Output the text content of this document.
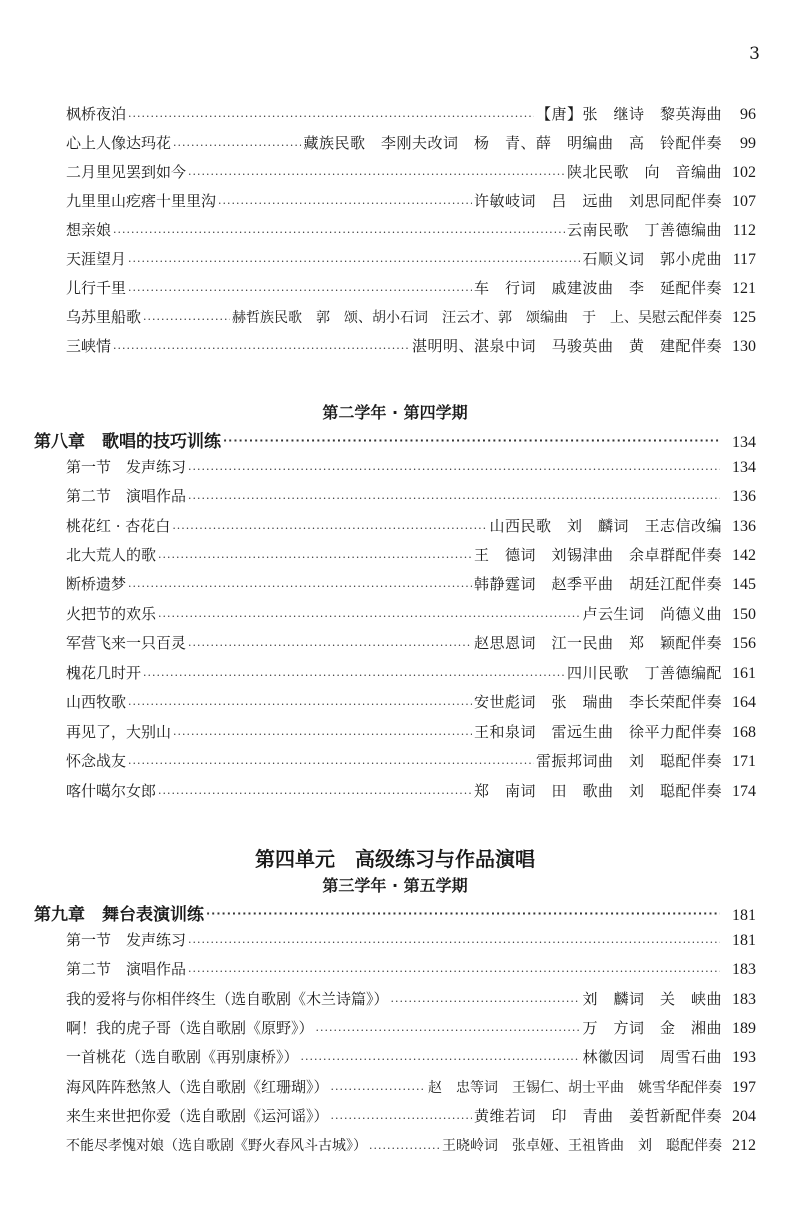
3
枫桥夜泊 ·····	【唐】张　继诗　黎英海曲	96
心上人像达玛花 ·····	藏族民歌　李刚夫改词　杨　青、薛　明编曲　高　铃配伴奏	99
二月里见罢到如今 ·····	陕北民歌　向　音编曲 102
九里里山疙瘩十里里沟 ·····	许敏岐词　吕　远曲　刘思同配伴奏 107
想亲娘 ·····	云南民歌　丁善德编曲 112
天涯望月 ·····	石顺义词　郭小虎曲 117
儿行千里 ·····	车　行词　戚建波曲　李　延配伴奏 121
乌苏里船歌 ·····	赫哲族民歌　郭　颂、胡小石词　汪云才、郭　颂编曲　于　上、吴慰云配伴奏 125
三峡情 ·····	湛明明、湛泉中词　马骏英曲　黄　建配伴奏 130
第二学年 · 第四学期
第八章　歌唱的技巧训练 ·····	134
第一节　发声练习 ·····	134
第二节　演唱作品 ·····	136
桃花红 · 杏花白 ·····	山西民歌　刘　麟词　王志信改编 136
北大荒人的歌 ·····	王　德词　刘锡津曲　余卓群配伴奏 142
断桥遗梦 ·····	韩静霆词　赵季平曲　胡廷江配伴奏 145
火把节的欢乐 ·····	卢云生词　尚德义曲 150
军营飞来一只百灵 ·····	赵思恩词　江一民曲　郑　颖配伴奏 156
槐花几时开 ·····	四川民歌　丁善德编配 161
山西牧歌 ·····	安世彪词　张　瑞曲　李长荣配伴奏 164
再见了，大别山 ·····	王和泉词　雷远生曲　徐平力配伴奏 168
怀念战友 ·····	雷振邦词曲　刘　聪配伴奏 171
喀什噶尔女郎 ·····	郑　南词　田　歌曲　刘　聪配伴奏 174
第四单元　高级练习与作品演唱
第三学年 · 第五学期
第九章　舞台表演训练 ·····	181
第一节　发声练习 ·····	181
第二节　演唱作品 ·····	183
我的爱将与你相伴终生（选自歌剧《木兰诗篇》） ·····	刘　麟词　关　峡曲 183
啊！我的虎子哥（选自歌剧《原野》） ·····	万　方词　金　湘曲 189
一首桃花（选自歌剧《再别康桥》） ·····	林徽因词　周雪石曲 193
海风阵阵愁煞人（选自歌剧《红珊瑚》） ·····	赵　忠等词　王锡仁、胡士平曲　姚雪华配伴奏 197
来生来世把你爱（选自歌剧《运河谣》） ·····	黄维若词　印　青曲　姜哲新配伴奏 204
不能尽孝愧对娘（选自歌剧《野火春风斗古城》） ·····	王晓岭词　张卓娅、王祖皆曲　刘　聪配伴奏 212
